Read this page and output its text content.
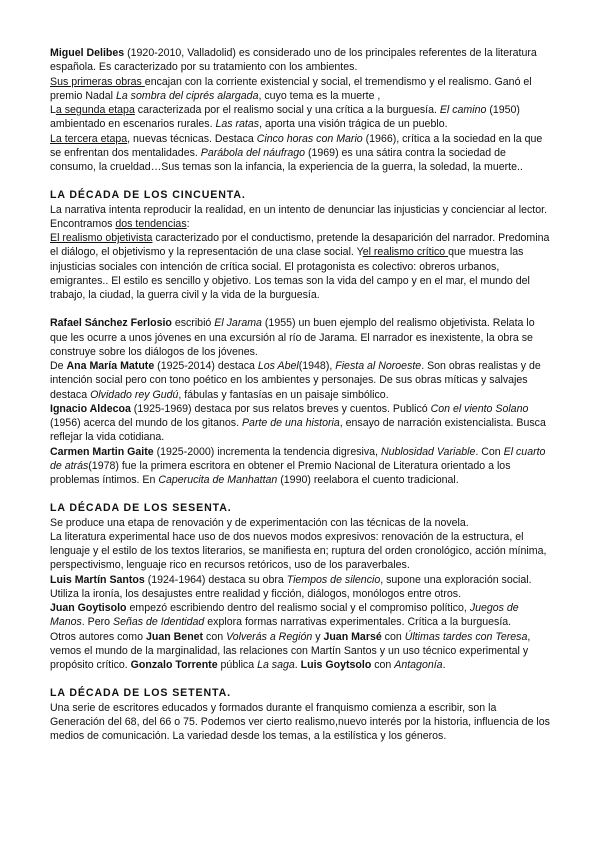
Miguel Delibes (1920-2010, Valladolid) es considerado uno de los principales referentes de la literatura española. Es caracterizado por su tratamiento con los ambientes.

Sus primeras obras encajan con la corriente existencial y social, el tremendismo y el realismo. Ganó el premio Nadal La sombra del ciprés alargada, cuyo tema es la muerte ,

La segunda etapa caracterizada por el realismo social y una crítica a la burguesía. El camino (1950) ambientado en escenarios rurales. Las ratas, aporta una visión trágica de un pueblo.

La tercera etapa, nuevas técnicas. Destaca Cinco horas con Mario (1966), crítica a la sociedad en la que se enfrentan dos mentalidades. Parábola del náufrago (1969) es una sátira contra la sociedad de consumo, la crueldad…Sus temas son la infancia, la experiencia de la guerra, la soledad, la muerte..

LA DÉCADA DE LOS CINCUENTA.

La narrativa intenta reproducir la realidad, en un intento de denunciar las injusticias y concienciar al lector. Encontramos dos tendencias:

El realismo objetivista caracterizado por el conductismo, pretende la desaparición del narrador. Predomina el diálogo, el objetivismo y la representación de una clase social. Yel realismo crítico que muestra las injusticias sociales con intención de crítica social. El protagonista es colectivo: obreros urbanos, emigrantes.. El estilo es sencillo y objetivo. Los temas son la vida del campo y en el mar, el mundo del trabajo, la ciudad, la guerra civil y la vida de la burguesía.

Rafael Sánchez Ferlosio escribió El Jarama (1955) un buen ejemplo del realismo objetivista. Relata lo que les ocurre a unos jóvenes en una excursión al río de Jarama. El narrador es inexistente, la obra se construye sobre los diálogos de los jóvenes.

De Ana María Matute (1925-2014) destaca Los Abel(1948), Fiesta al Noroeste. Son obras realistas y de intención social pero con tono poético en los ambientes y personajes. De sus obras míticas y salvajes destaca Olvidado rey Gudú, fábulas y fantasías en un paisaje simbólico.

Ignacio Aldecoa (1925-1969) destaca por sus relatos breves y cuentos. Publicó Con el viento Solano (1956) acerca del mundo de los gitanos. Parte de una historia, ensayo de narración existencialista. Busca reflejar la vida cotidiana.

Carmen Martin Gaite (1925-2000) incrementa la tendencia digresiva, Nublosidad Variable. Con El cuarto de atrás(1978) fue la primera escritora en obtener el Premio Nacional de Literatura orientado a los problemas íntimos. En Caperucita de Manhattan (1990) reelabora el cuento tradicional.

LA DÉCADA DE LOS SESENTA.

Se produce una etapa de renovación y de experimentación con las técnicas de la novela.

La literatura experimental hace uso de dos nuevos modos expresivos: renovación de la estructura, el lenguaje y el estilo de los textos literarios, se manifiesta en; ruptura del orden cronológico, acción mínima, perspectivismo, lenguaje rico en recursos retóricos, uso de los paraverbales.

Luis Martín Santos (1924-1964) destaca su obra Tiempos de silencio, supone una exploración social. Utiliza la ironía, los desajustes entre realidad y ficción, diálogos, monólogos entre otros.

Juan Goytisolo empezó escribiendo dentro del realismo social y el compromiso político, Juegos de Manos. Pero Señas de Identidad explora formas narrativas experimentales. Crítica a la burguesía.

Otros autores como Juan Benet con Volverás a Región y Juan Marsé con Últimas tardes con Teresa, vemos el mundo de la marginalidad, las relaciones con Martín Santos y un uso técnico experimental y propósito crítico. Gonzalo Torrente pública La saga. Luis Goytsolo con Antagonía.

LA DÉCADA DE LOS SETENTA.

Una serie de escritores educados y formados durante el franquismo comienza a escribir, son la Generación del 68, del 66 o 75. Podemos ver cierto realismo,nuevo interés por la historia, influencia de los medios de comunicación. La variedad desde los temas, a la estilística y los géneros.
